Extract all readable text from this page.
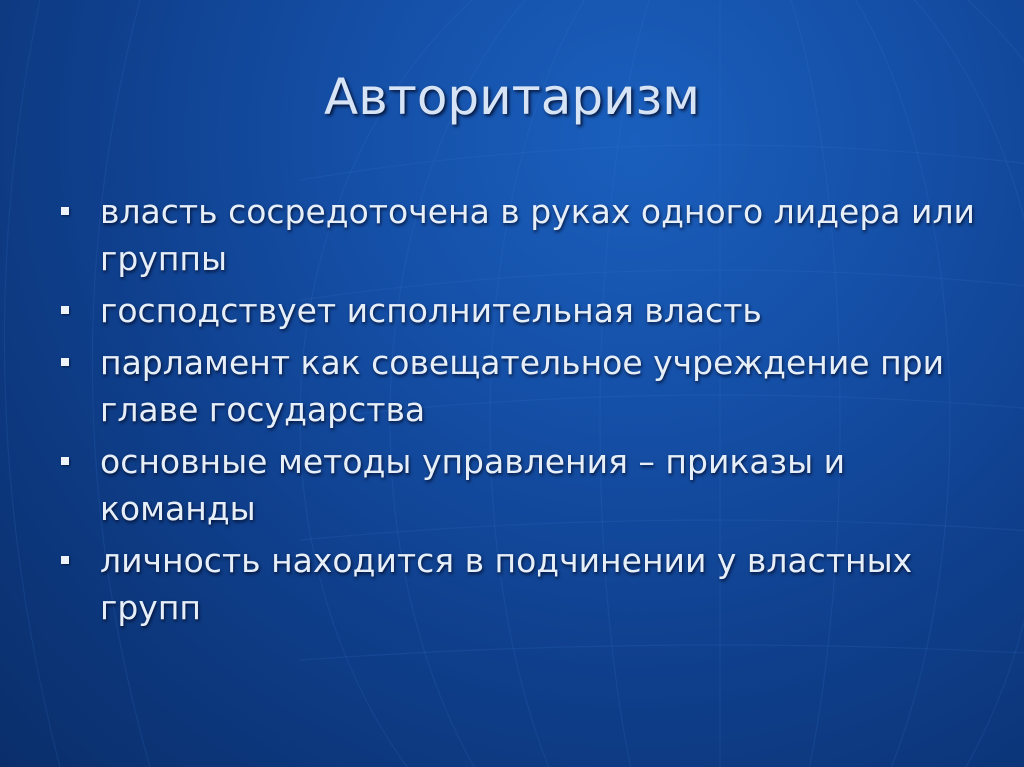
Авторитаризм
власть сосредоточена в руках одного лидера или группы
господствует исполнительная власть
парламент как совещательное учреждение при главе государства
основные методы управления – приказы и команды
личность находится в подчинении у властных групп
